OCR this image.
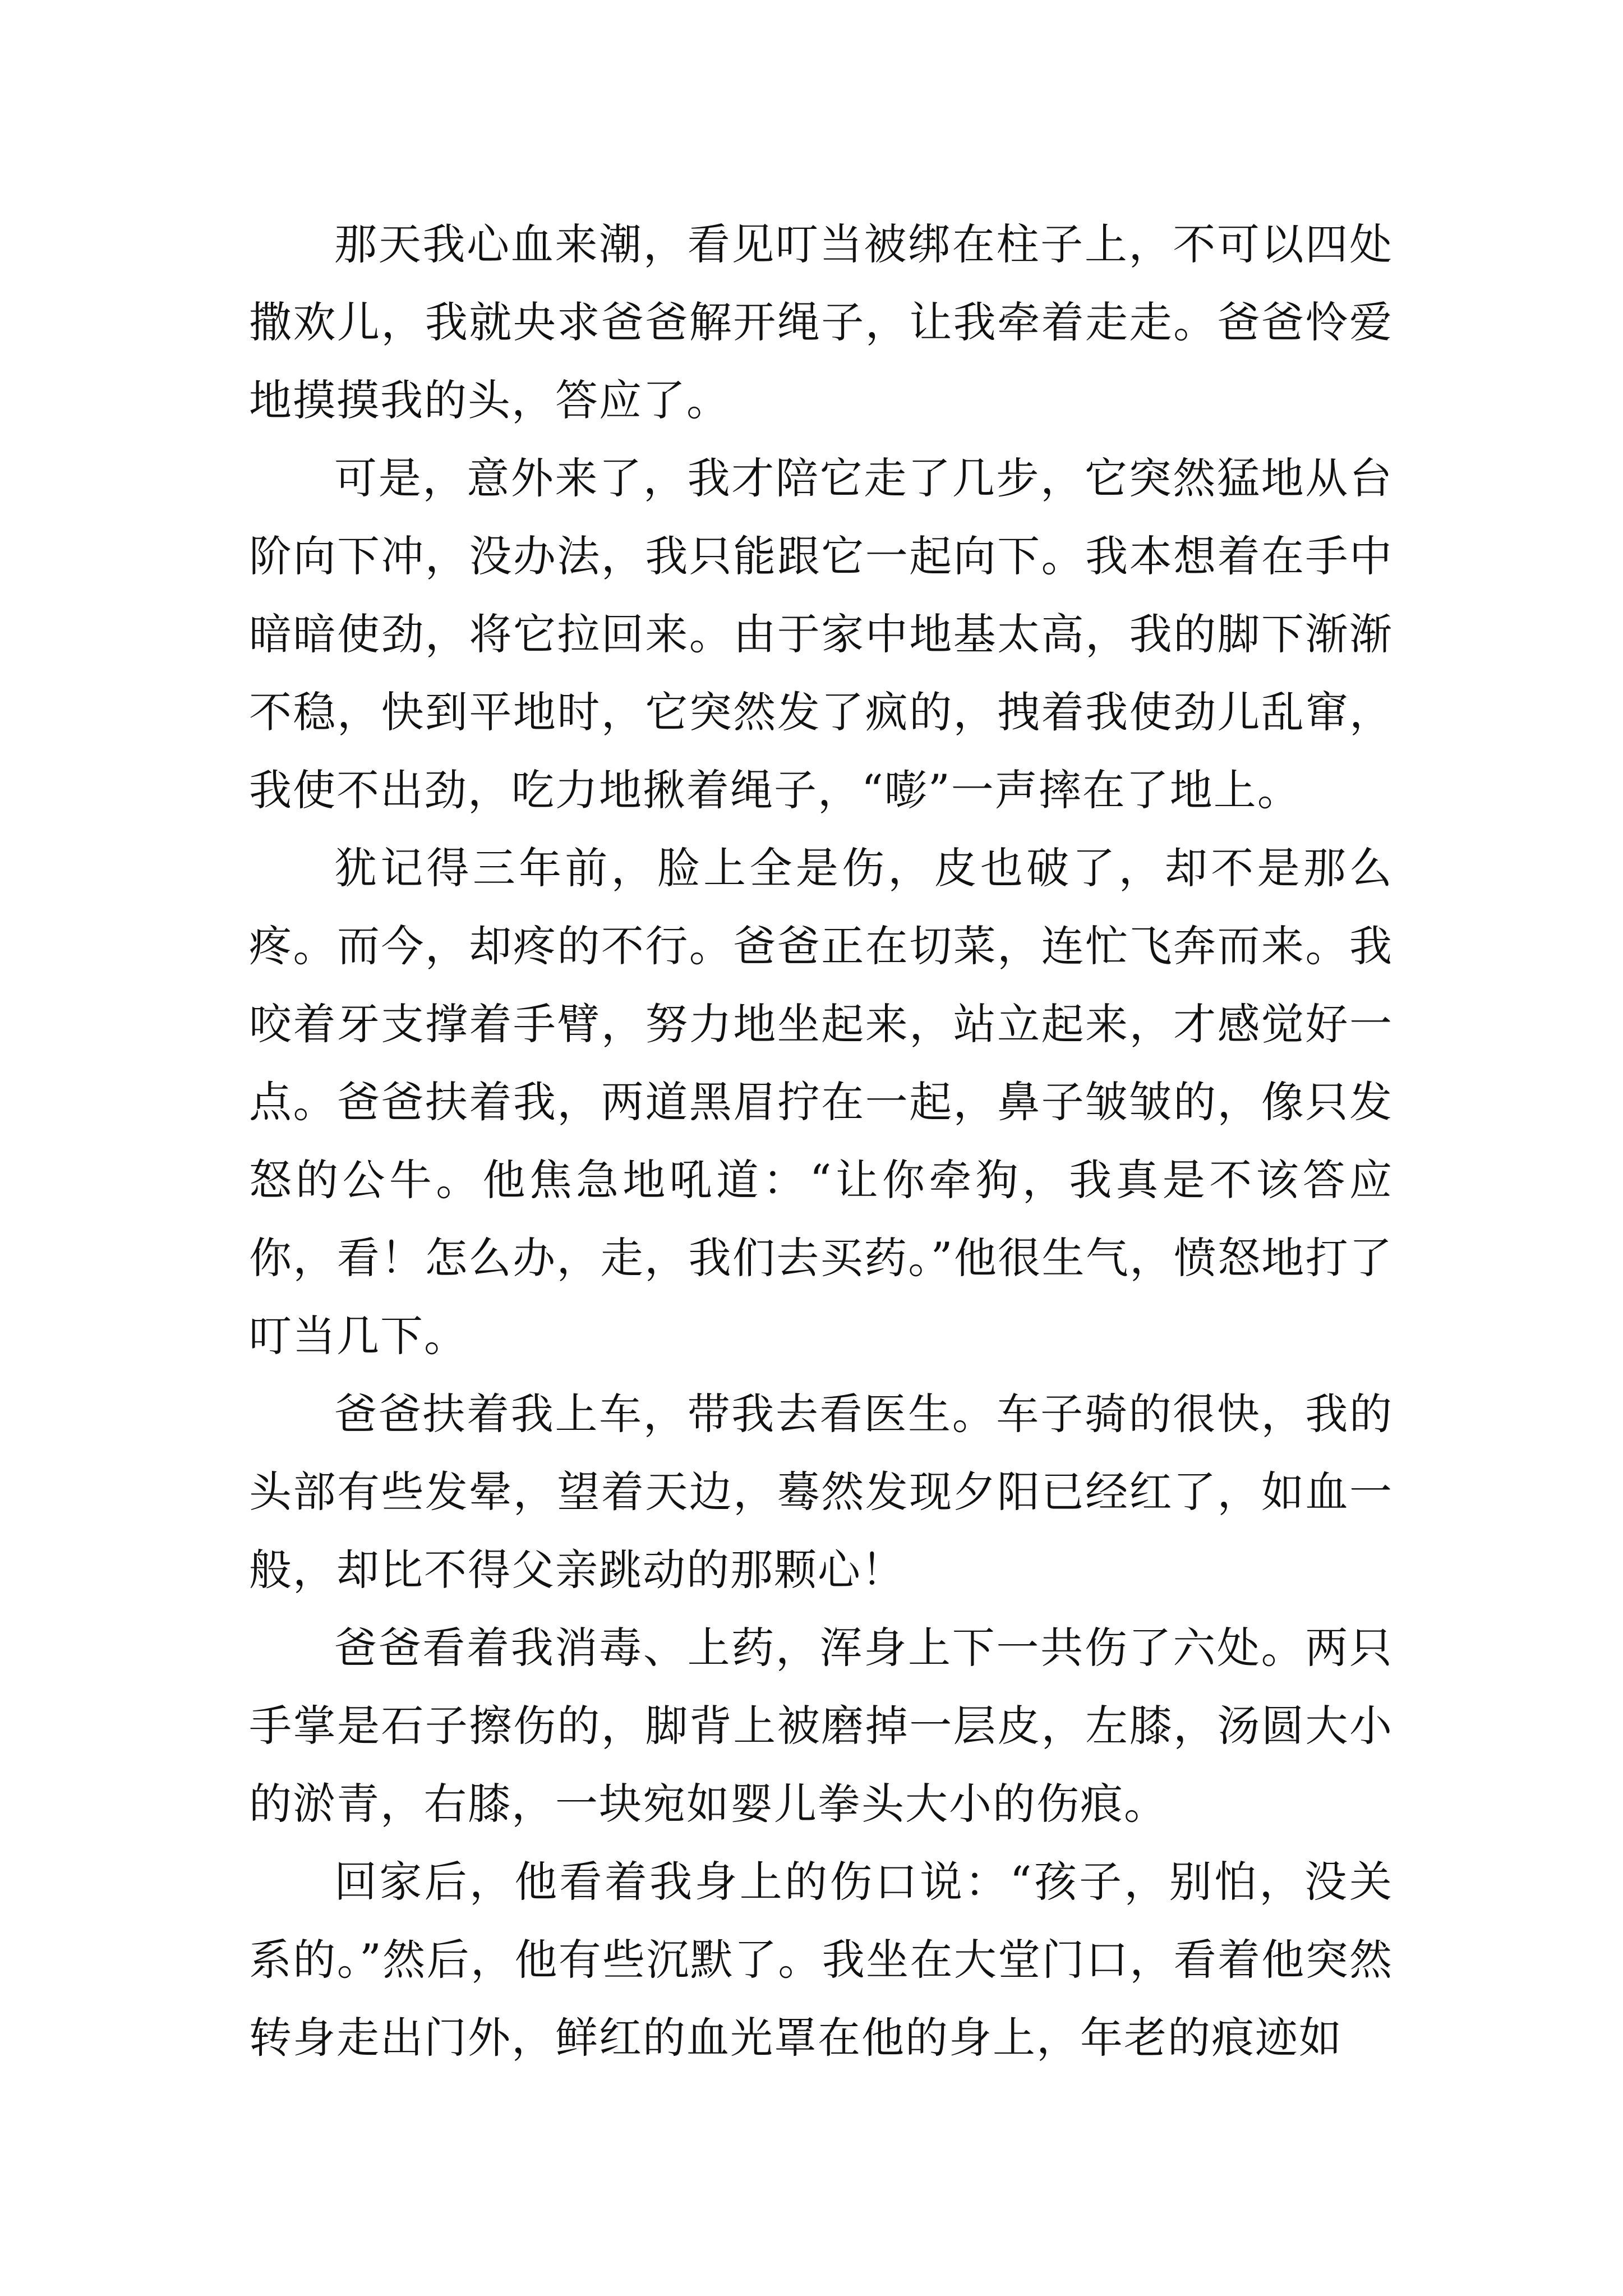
那天我心血来潮，看见叮当被绑在柱子上，不可以四处撒欢儿，我就央求爸爸解开绳子，让我牵着走走。爸爸怜爱地摸摸我的头，答应了。

可是，意外来了，我才陪它走了几步，它突然猛地从台阶向下冲，没办法，我只能跟它一起向下。我本想着在手中暗暗使劲，将它拉回来。由于家中地基太高，我的脚下渐渐不稳，快到平地时，它突然发了疯的，拽着我使劲儿乱窜，我使不出劲，吃力地揪着绳子，“嘭”一声摔在了地上。

犹记得三年前，脸上全是伤，皮也破了，却不是那么疼。而今，却疼的不行。爸爸正在切菜，连忙飞奔而来。我咬着牙支撑着手臂，努力地坐起来，站立起来，才感觉好一点。爸爸扶着我，两道黑眉拧在一起，鼻子皱皱的，像只发怒的公牛。他焦急地吼道：“让你牵狗，我真是不该答应你，看！怎么办，走，我们去买药。”他很生气，愤怒地打了叮当几下。

爸爸扶着我上车，带我去看医生。车子骑的很快，我的头部有些发晕，望着天边，蓦然发现夕阳已经红了，如血一般，却比不得父亲跳动的那颗心！

爸爸看着我消毒、上药，浑身上下一共伤了六处。两只手掌是石子擦伤的，脚背上被磨掉一层皮，左膝，汤圆大小的淤青，右膝，一块宛如婴儿拳头大小的伤痕。

回家后，他看着我身上的伤口说：“孩子，别怕，没关系的。”然后，他有些沉默了。我坐在大堂门口，看着他突然转身走出门外，鲜红的血光罩在他的身上，年老的痕迹如
